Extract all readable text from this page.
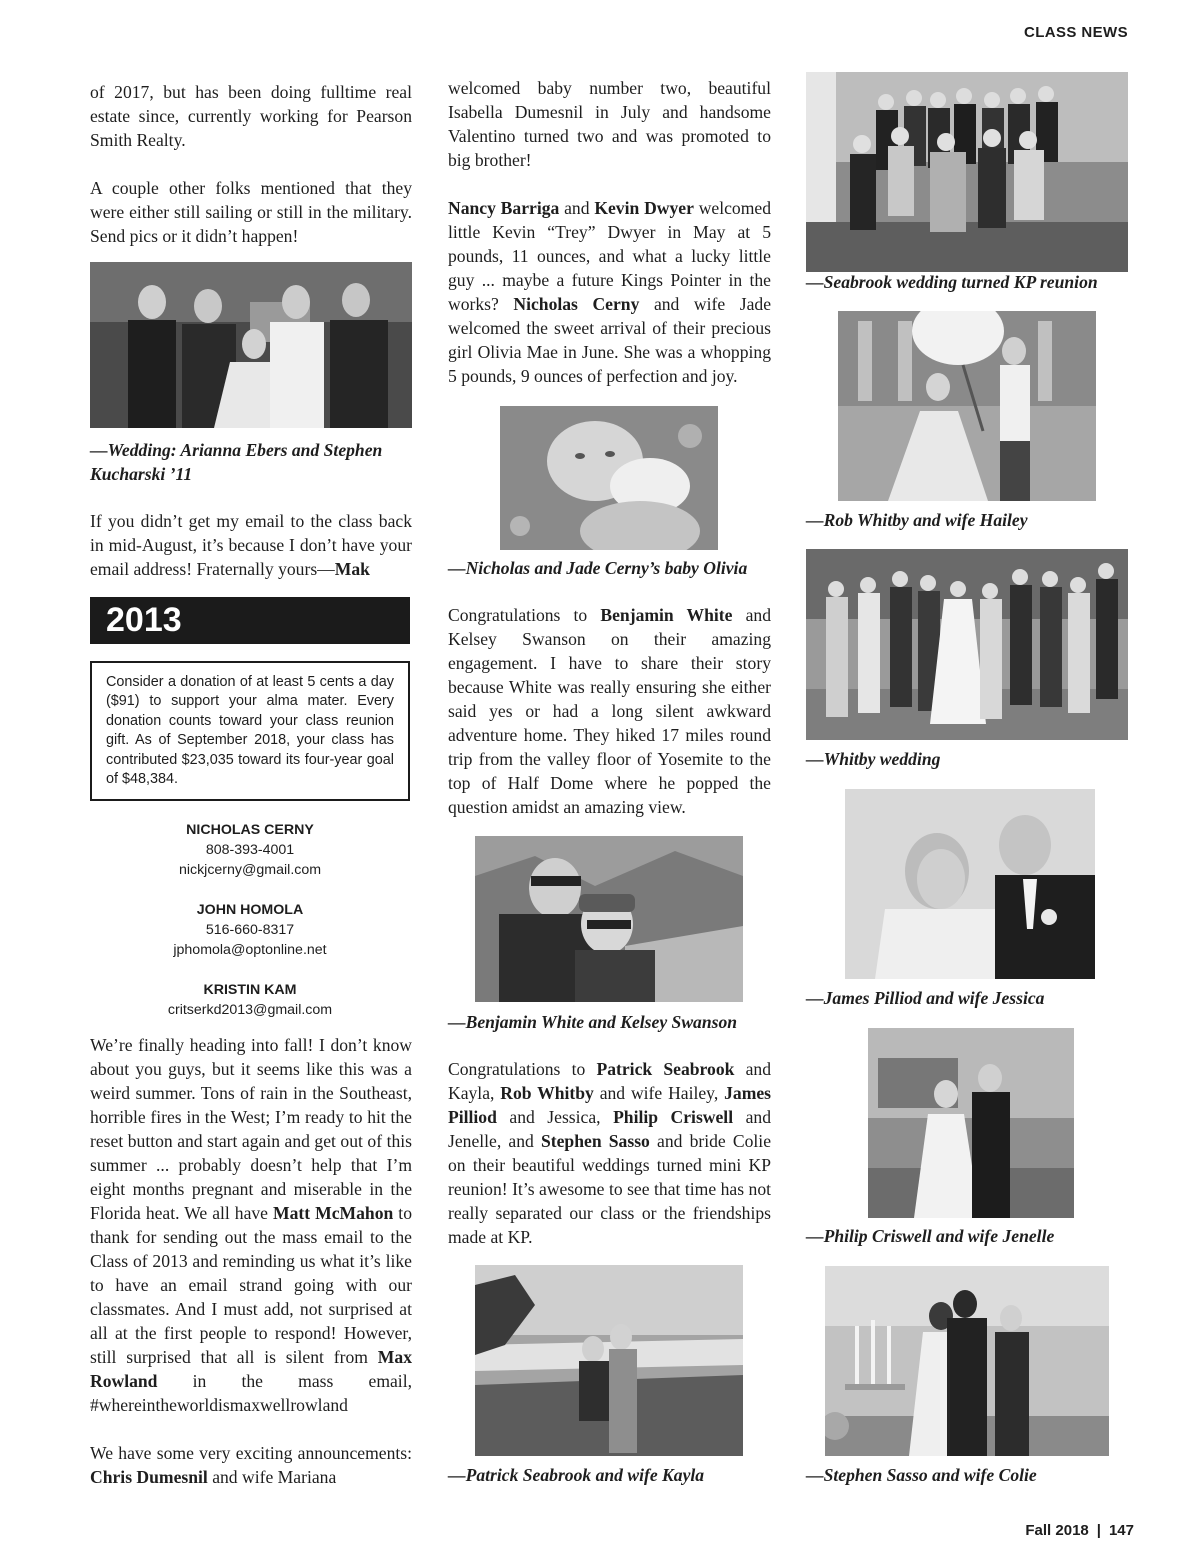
CLASS NEWS
Fall 2018 | 147

of 2017, but has been doing fulltime real estate since, currently working for Pearson Smith Realty.

A couple other folks mentioned that they were either still sailing or still in the military. Send pics or it didn’t happen!

—Wedding: Arianna Ebers and Stephen Kucharski ’11

If you didn’t get my email to the class back in mid-August, it’s because I don’t have your email address! Fraternally yours—Mak

2013
Consider a donation of at least 5 cents a day ($91) to support your alma mater. Every donation counts toward your class reunion gift. As of September 2018, your class has contributed $23,035 toward its four-year goal of $48,384.
NICHOLAS CERNY
808-393-4001
nickjcerny@gmail.com
JOHN HOMOLA
516-660-8317
jphomola@optonline.net
KRISTIN KAM
critserkd2013@gmail.com

We’re finally heading into fall! I don’t know about you guys, but it seems like this was a weird summer. Tons of rain in the Southeast, horrible fires in the West; I’m ready to hit the reset button and start again and get out of this summer ... probably doesn’t help that I’m eight months pregnant and miserable in the Florida heat. We all have Matt McMahon to thank for sending out the mass email to the Class of 2013 and reminding us what it’s like to have an email strand going with our classmates. And I must add, not surprised at all at the first people to respond! However, still surprised that all is silent from Max Rowland in the mass email, #whereintheworldismaxwellrowland

We have some very exciting announcements: Chris Dumesnil and wife Mariana

welcomed baby number two, beautiful Isabella Dumesnil in July and handsome Valentino turned two and was promoted to big brother!

Nancy Barriga and Kevin Dwyer welcomed little Kevin “Trey” Dwyer in May at 5 pounds, 11 ounces, and what a lucky little guy ... maybe a future Kings Pointer in the works? Nicholas Cerny and wife Jade welcomed the sweet arrival of their precious girl Olivia Mae in June. She was a whopping 5 pounds, 9 ounces of perfection and joy.

—Nicholas and Jade Cerny’s baby Olivia

Congratulations to Benjamin White and Kelsey Swanson on their amazing engagement. I have to share their story because White was really ensuring she either said yes or had a long silent awkward adventure home. They hiked 17 miles round trip from the valley floor of Yosemite to the top of Half Dome where he popped the question amidst an amazing view.

—Benjamin White and Kelsey Swanson

Congratulations to Patrick Seabrook and Kayla, Rob Whitby and wife Hailey, James Pilliod and Jessica, Philip Criswell and Jenelle, and Stephen Sasso and bride Colie on their beautiful weddings turned mini KP reunion! It’s awesome to see that time has not really separated our class or the friendships made at KP.

—Patrick Seabrook and wife Kayla
—Seabrook wedding turned KP reunion
—Rob Whitby and wife Hailey
—Whitby wedding
—James Pilliod and wife Jessica
—Philip Criswell and wife Jenelle
—Stephen Sasso and wife Colie
